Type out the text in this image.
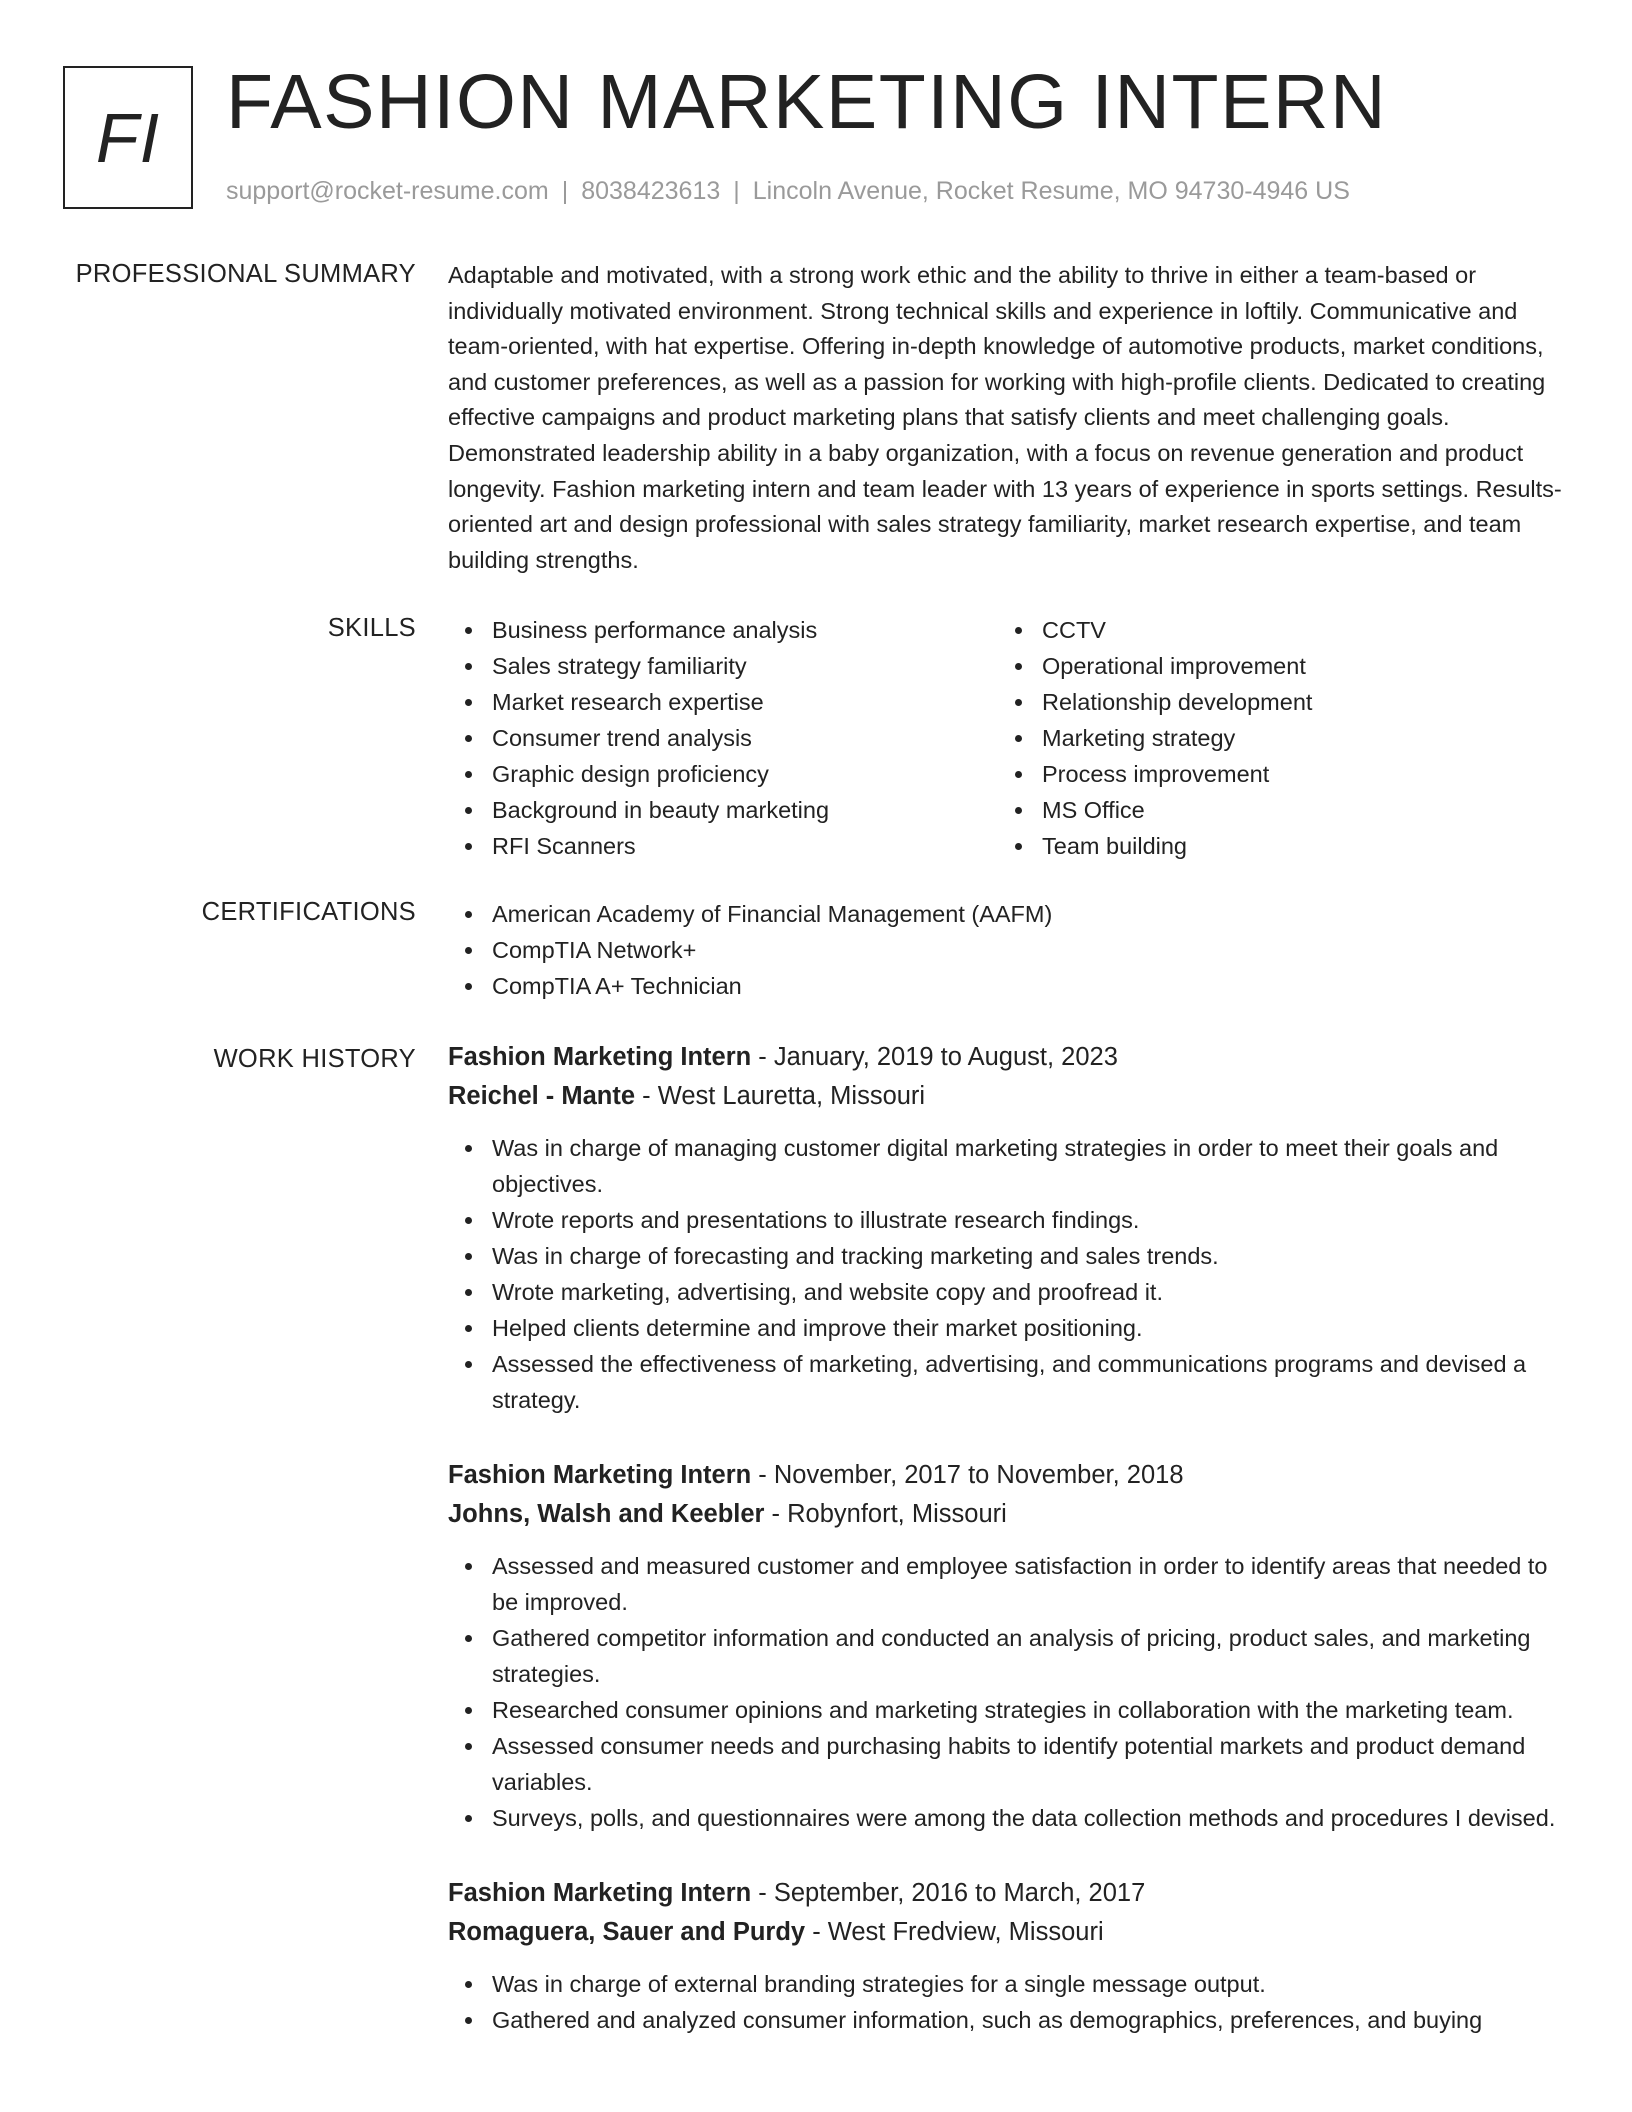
FI FASHION MARKETING INTERN
support@rocket-resume.com | 8038423613 | Lincoln Avenue, Rocket Resume, MO 94730-4946 US
PROFESSIONAL SUMMARY Adaptable and motivated, with a strong work ethic and the ability to thrive in either a team-based or individually motivated environment. Strong technical skills and experience in loftily. Communicative and team-oriented, with hat expertise. Offering in-depth knowledge of automotive products, market conditions, and customer preferences, as well as a passion for working with high-profile clients. Dedicated to creating effective campaigns and product marketing plans that satisfy clients and meet challenging goals. Demonstrated leadership ability in a baby organization, with a focus on revenue generation and product longevity. Fashion marketing intern and team leader with 13 years of experience in sports settings. Results-oriented art and design professional with sales strategy familiarity, market research expertise, and team building strengths.
SKILLS	Business performance analysis
Sales strategy familiarity
Market research expertise
Consumer trend analysis
Graphic design proficiency
Background in beauty marketing
RFI Scanners
CCTV
Operational improvement
Relationship development
Marketing strategy
Process improvement
MS Office
Team building
CERTIFICATIONS	American Academy of Financial Management (AAFM)
CompTIA Network+
CompTIA A+ Technician
WORK HISTORY Fashion Marketing Intern - January, 2019 to August, 2023
Reichel - Mante - West Lauretta, Missouri
Was in charge of managing customer digital marketing strategies in order to meet their goals and objectives.
Wrote reports and presentations to illustrate research findings.
Was in charge of forecasting and tracking marketing and sales trends.
Wrote marketing, advertising, and website copy and proofread it.
Helped clients determine and improve their market positioning.
Assessed the effectiveness of marketing, advertising, and communications programs and devised a strategy.
Fashion Marketing Intern - November, 2017 to November, 2018
Johns, Walsh and Keebler - Robynfort, Missouri
Assessed and measured customer and employee satisfaction in order to identify areas that needed to be improved.
Gathered competitor information and conducted an analysis of pricing, product sales, and marketing strategies.
Researched consumer opinions and marketing strategies in collaboration with the marketing team.
Assessed consumer needs and purchasing habits to identify potential markets and product demand variables.
Surveys, polls, and questionnaires were among the data collection methods and procedures I devised.
Fashion Marketing Intern - September, 2016 to March, 2017
Romaguera, Sauer and Purdy - West Fredview, Missouri
Was in charge of external branding strategies for a single message output.
Gathered and analyzed consumer information, such as demographics, preferences, and buying
